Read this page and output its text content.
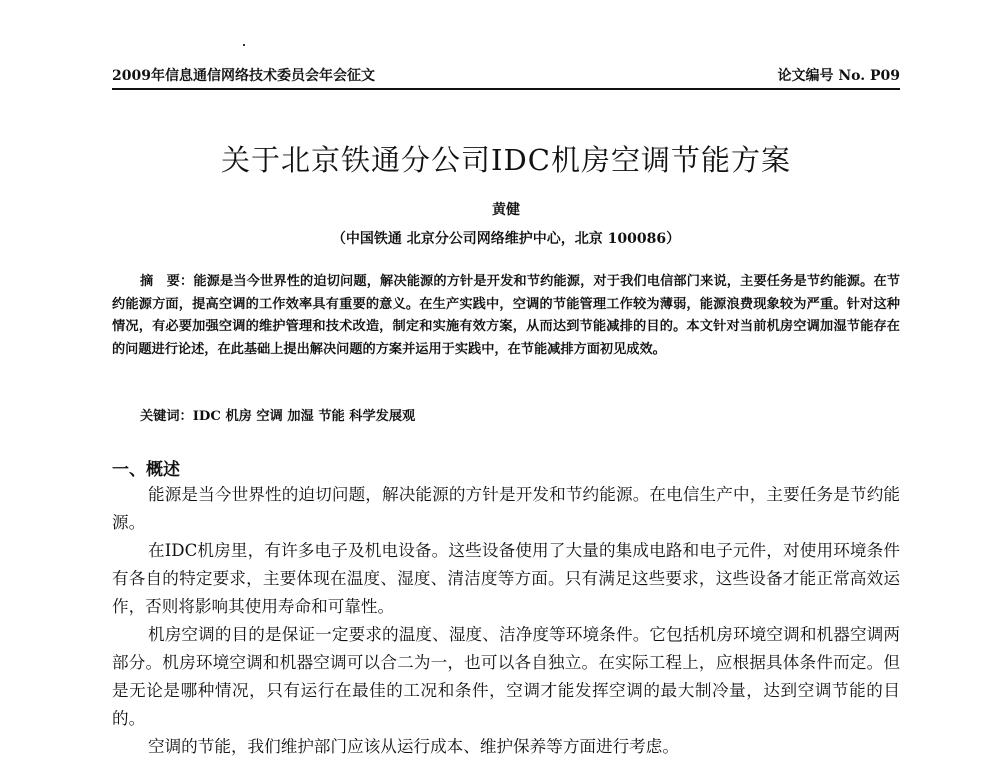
2009年信息通信网络技术委员会年会征文	论文编号 No. P09
关于北京铁通分公司IDC机房空调节能方案
黄健
（中国铁通 北京分公司网络维护中心，北京 100086）
摘　要：能源是当今世界性的迫切问题，解决能源的方针是开发和节约能源，对于我们电信部门来说，主要任务是节约能源。在节约能源方面，提高空调的工作效率具有重要的意义。在生产实践中，空调的节能管理工作较为薄弱，能源浪费现象较为严重。针对这种情况，有必要加强空调的维护管理和技术改造，制定和实施有效方案，从而达到节能减排的目的。本文针对当前机房空调加湿节能存在的问题进行论述，在此基础上提出解决问题的方案并运用于实践中，在节能减排方面初见成效。
关键词：IDC 机房 空调 加湿 节能 科学发展观
一、概述

能源是当今世界性的迫切问题，解决能源的方针是开发和节约能源。在电信生产中，主要任务是节约能源。

在IDC机房里，有许多电子及机电设备。这些设备使用了大量的集成电路和电子元件，对使用环境条件有各自的特定要求，主要体现在温度、湿度、清洁度等方面。只有满足这些要求，这些设备才能正常高效运作，否则将影响其使用寿命和可靠性。

机房空调的目的是保证一定要求的温度、湿度、洁净度等环境条件。它包括机房环境空调和机器空调两部分。机房环境空调和机器空调可以合二为一，也可以各自独立。在实际工程上，应根据具体条件而定。但是无论是哪种情况，只有运行在最佳的工况和条件，空调才能发挥空调的最大制冷量，达到空调节能的目的。

空调的节能，我们维护部门应该从运行成本、维护保养等方面进行考虑。
